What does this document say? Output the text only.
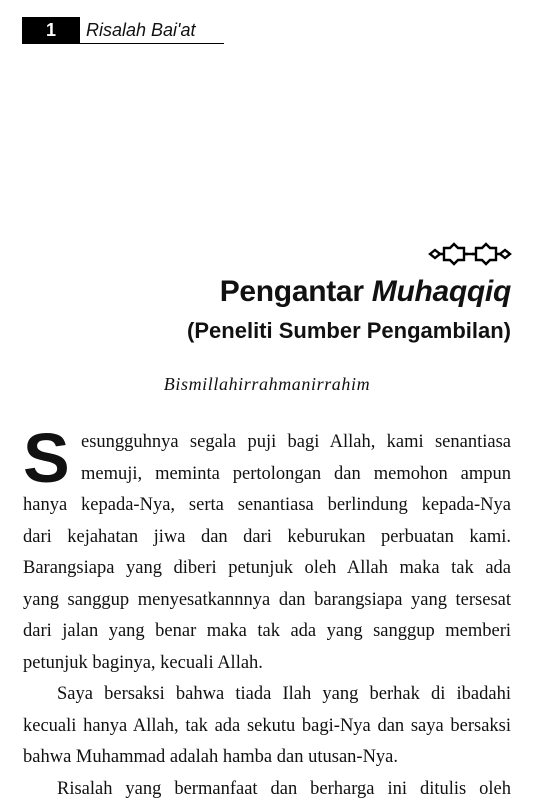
1	Risalah Bai'at
Pengantar Muhaqqiq
(Peneliti Sumber Pengambilan)
Bismillahirrahmanirrahim
S esungguhnya segala puji bagi Allah, kami senantiasa
memuji, meminta pertolongan dan memohon ampun
hanya kepada-Nya, serta senantiasa berlindung kepada-Nya
dari kejahatan jiwa dan dari keburukan perbuatan kami.
Barangsiapa yang diberi petunjuk oleh Allah maka tak ada
yang sanggup menyesatkannnya dan barangsiapa yang tersesat
dari jalan yang benar maka tak ada yang sanggup memberi
petunjuk baginya, kecuali Allah.
Saya bersaksi bahwa tiada Ilah yang berhak di ibadahi
kecuali hanya Allah, tak ada sekutu bagi-Nya dan saya bersaksi
bahwa Muhammad adalah hamba dan utusan-Nya.
Risalah yang bermanfaat dan berharga ini ditulis oleh
